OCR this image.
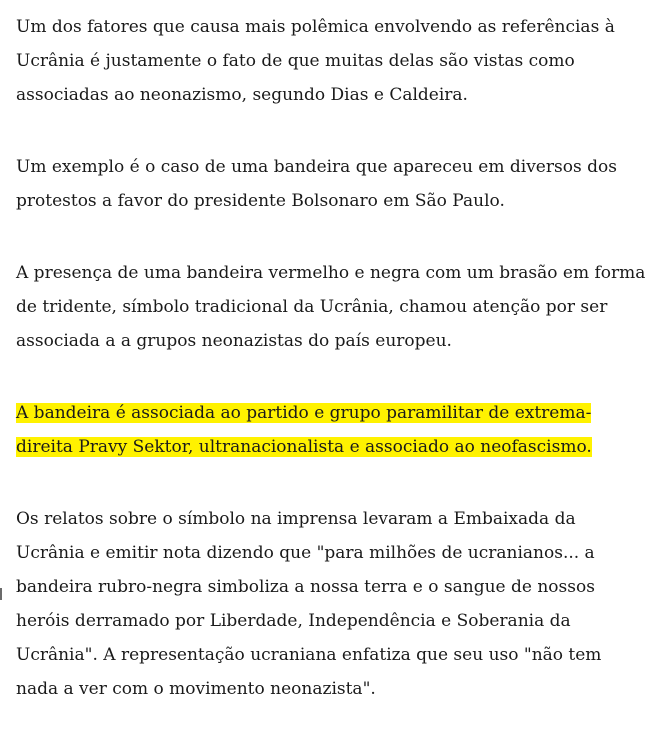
Um dos fatores que causa mais polêmica envolvendo as referências à Ucrânia é justamente o fato de que muitas delas são vistas como associadas ao neonazismo, segundo Dias e Caldeira.

Um exemplo é o caso de uma bandeira que apareceu em diversos dos protestos a favor do presidente Bolsonaro em São Paulo.

A presença de uma bandeira vermelho e negra com um brasão em forma de tridente, símbolo tradicional da Ucrânia, chamou atenção por ser associada a a grupos neonazistas do país europeu.

A bandeira é associada ao partido e grupo paramilitar de extrema-direita Pravy Sektor, ultranacionalista e associado ao neofascismo.

Os relatos sobre o símbolo na imprensa levaram a Embaixada da Ucrânia e emitir nota dizendo que "para milhões de ucranianos... a bandeira rubro-negra simboliza a nossa terra e o sangue de nossos heróis derramado por Liberdade, Independência e Soberania da Ucrânia". A representação ucraniana enfatiza que seu uso "não tem nada a ver com o movimento neonazista".
